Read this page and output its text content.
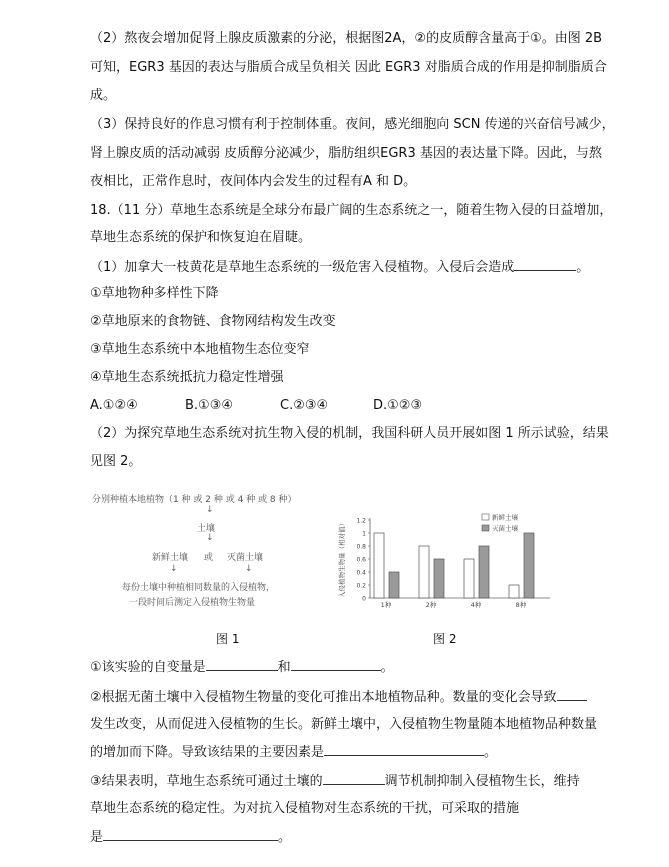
（2）熬夜会增加促肾上腺皮质激素的分泌，根据图2A，②的皮质醇含量高于①。由图 2B
可知，EGR3 基因的表达与脂质合成呈负相关 因此 EGR3 对脂质合成的作用是抑制脂质合
成。
（3）保持良好的作息习惯有利于控制体重。夜间，感光细胞向 SCN 传递的兴奋信号减少，
肾上腺皮质的活动减弱 皮质醇分泌减少，脂肪组织EGR3 基因的表达量下降。因此，与熬
夜相比，正常作息时，夜间体内会发生的过程有A 和 D。
18.（11 分）草地生态系统是全球分布最广阔的生态系统之一，随着生物入侵的日益增加，
草地生态系统的保护和恢复迫在眉睫。
（1）加拿大一枝黄花是草地生态系统的一级危害入侵植物。入侵后会造成	。
①草地物种多样性下降
②草地原来的食物链、食物网结构发生改变
③草地生态系统中本地植物生态位变窄
④草地生态系统抵抗力稳定性增强
A.①②④	B.①③④	C.②③④	D.①②③
（2）为探究草地生态系统对抗生物入侵的机制，我国科研人员开展如图 1 所示试验，结果
见图 2。
分别种植本地植物（1 种 或 2 种 或 4 种 或 8 种）
↓
土壤
↓
新鲜土壤 或 灭菌土壤
↓	↓
每份土壤中种植相同数量的入侵植物，
一段时间后测定入侵植物生物量
图 1
0
0.2
0.4
0.6
0.8
1
1.2
入侵植物生物量（相对值）
1种	2种	4种	8种
新鲜土壤
灭菌土壤
图 2
①该实验的自变量是	和	。
②根据无菌土壤中入侵植物生物量的变化可推出本地植物品种。数量的变化会导致
发生改变，从而促进入侵植物的生长。新鲜土壤中，入侵植物生物量随本地植物品种数量
的增加而下降。导致该结果的主要因素是	。
③结果表明，草地生态系统可通过土壤的	调节机制抑制入侵植物生长，维持
草地生态系统的稳定性。为对抗入侵植物对生态系统的干扰，可采取的措施
是	。
